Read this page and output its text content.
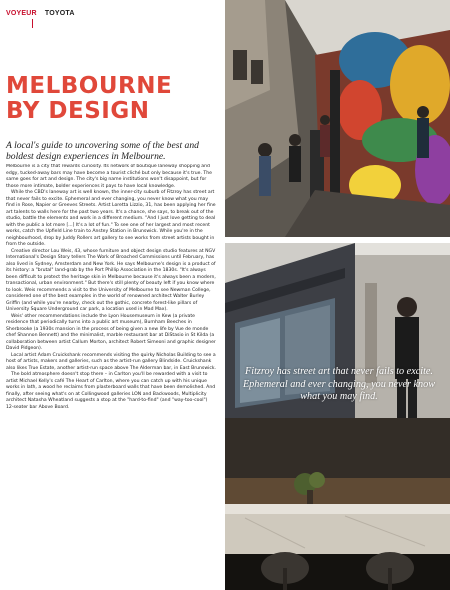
VOYEUR TOYOTA
MELBOURNE
BY DESIGN
A local's guide to uncovering some of the best and boldest design experiences in Melbourne.

Melbourne is a city that rewards curiosity. Its network of boutique laneway shopping and edgy, tucked-away bars may have become a tourist cliché but only because it's true. The same goes for art and design. The city's big name institutions won't disappoint, but for those more intimate, bolder experiences it pays to have local knowledge.

While the CBD's laneway art is well known, the inner-city suburb of Fitzroy has street art that never fails to excite. Ephemeral and ever changing, you never know what you may find in Rose, Napier or Greeves Streets. Artist Loretta Lizzio, 31, has been applying her fine art talents to walls here for the past two years. It's a chance, she says, to break out of the studio, battle the elements and work in a different medium. "And I just love getting to deal with the public a lot more [...] It's a lot of fun." To see one of her largest and most recent works, catch the Upfield Line train to Anstey Station in Brunswick. While you're in the neighbourhood, drop by Juddy Rollers art gallery to see works from street artists bought in from the outside.

Creative director Lou Weis, 43, whose furniture and object design studio features at NGV International's Design Story tellers The Work of Broached Commissions until February, has also lived in Sydney, Amsterdam and New York. He says Melbourne's design is a product of its history: a "brutal" land-grab by the Port Phillip Association in the 1830s. "It's always been difficult to protect the heritage skin in Melbourne because it's always been a modern, transactional, urban environment." But there's still plenty of beauty left if you know where to look. Weis recommends a visit to the University of Melbourne to see Newman College, considered one of the best examples in the world of renowned architect Walter Burley Griffin (and while you're nearby, check out the gothic, concrete forest-like pillars of University Square Underground car park, a location used in Mad Max).

Weis' other recommendations include the Lyon Housemuseum in Kew (a private residence that periodically turns into a public art museum), Burnham Beeches in Sherbrooke (a 1930s mansion in the process of being given a new life by Vue de monde chef Shannon Bennett) and the minimalist, marble restaurant bar at DiStasio in St Kilda (a collaboration between artist Callum Morton, architect Robert Simeoni and graphic designer David Pidgeon).

Local artist Adam Cruickshank recommends visiting the quirky Nicholas Building to see a host of artists, makers and galleries, such as the artist-run gallery Blindside. Cruickshank also likes True Estate, another artist-run space above The Alderman bar, in East Brunswick.

The bold atmosphere doesn't stop there – in Carlton you'll be rewarded with a visit to artist Michael Kelly's café The Heart of Carlton, where you can catch up with his unique works in lath, a wood he reclaims from plasterboard walls that have been demolished. And finally, after seeing what's on at Collingwood galleries LON and Backwoods, Multiplicity architect Natasha Wheatland suggests a stop at the "hard-to-find" (and "way-too-cool") 12-seater bar Above Board.

Fitzroy has street art that never fails to excite. Ephemeral and ever changing, you never know what you may find.
